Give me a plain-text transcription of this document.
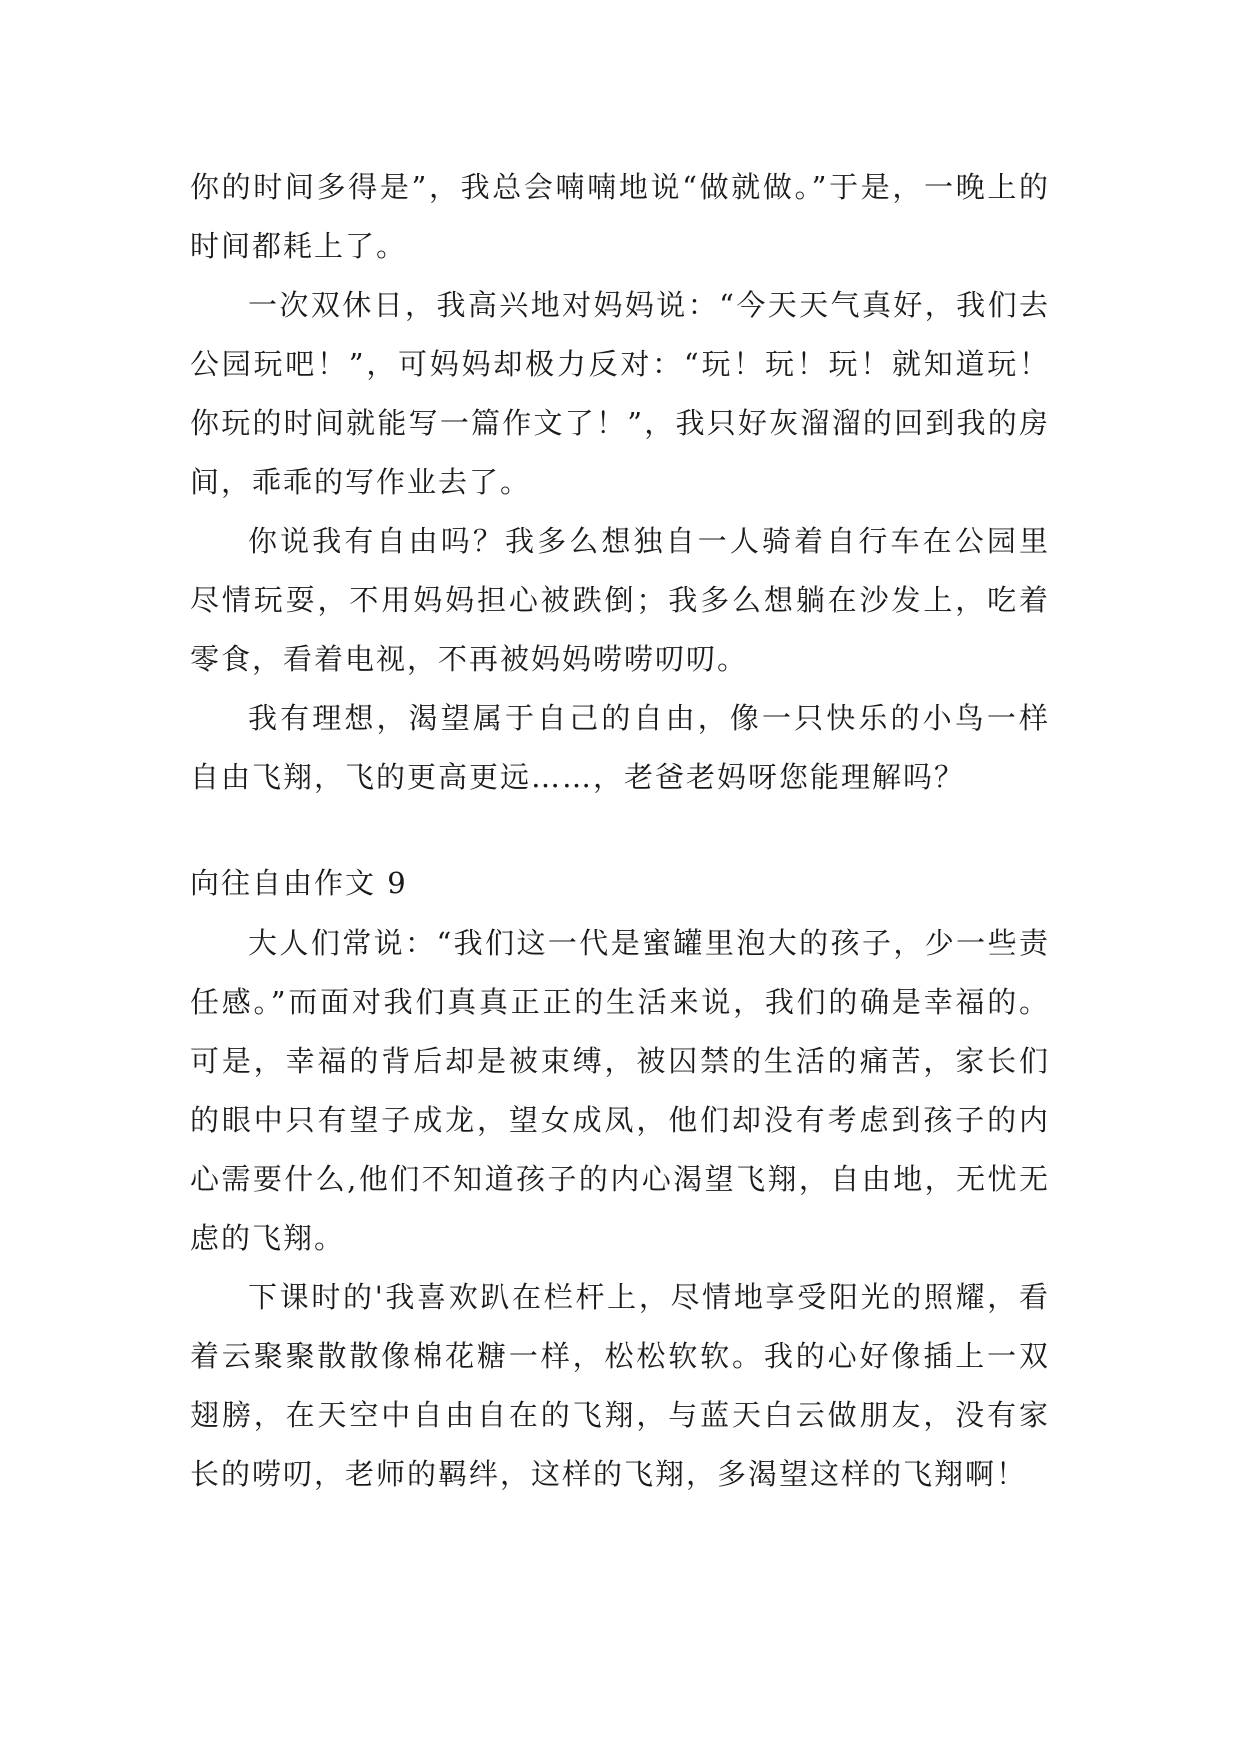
你的时间多得是”，我总会喃喃地说“做就做。”于是，一晚上的时间都耗上了。

一次双休日，我高兴地对妈妈说：“今天天气真好，我们去公园玩吧！”，可妈妈却极力反对：“玩！玩！玩！就知道玩！你玩的时间就能写一篇作文了！”，我只好灰溜溜的回到我的房间，乖乖的写作业去了。

你说我有自由吗？我多么想独自一人骑着自行车在公园里尽情玩耍，不用妈妈担心被跌倒；我多么想躺在沙发上，吃着零食，看着电视，不再被妈妈唠唠叨叨。

我有理想，渴望属于自己的自由，像一只快乐的小鸟一样自由飞翔，飞的更高更远……，老爸老妈呀您能理解吗？

向往自由作文 9

大人们常说：“我们这一代是蜜罐里泡大的孩子，少一些责任感。”而面对我们真真正正的生活来说，我们的确是幸福的。可是，幸福的背后却是被束缚，被囚禁的生活的痛苦，家长们的眼中只有望子成龙，望女成凤，他们却没有考虑到孩子的内心需要什么,他们不知道孩子的内心渴望飞翔，自由地，无忧无虑的飞翔。

下课时的'我喜欢趴在栏杆上，尽情地享受阳光的照耀，看着云聚聚散散像棉花糖一样，松松软软。我的心好像插上一双翅膀，在天空中自由自在的飞翔，与蓝天白云做朋友，没有家长的唠叨，老师的羁绊，这样的飞翔，多渴望这样的飞翔啊！
